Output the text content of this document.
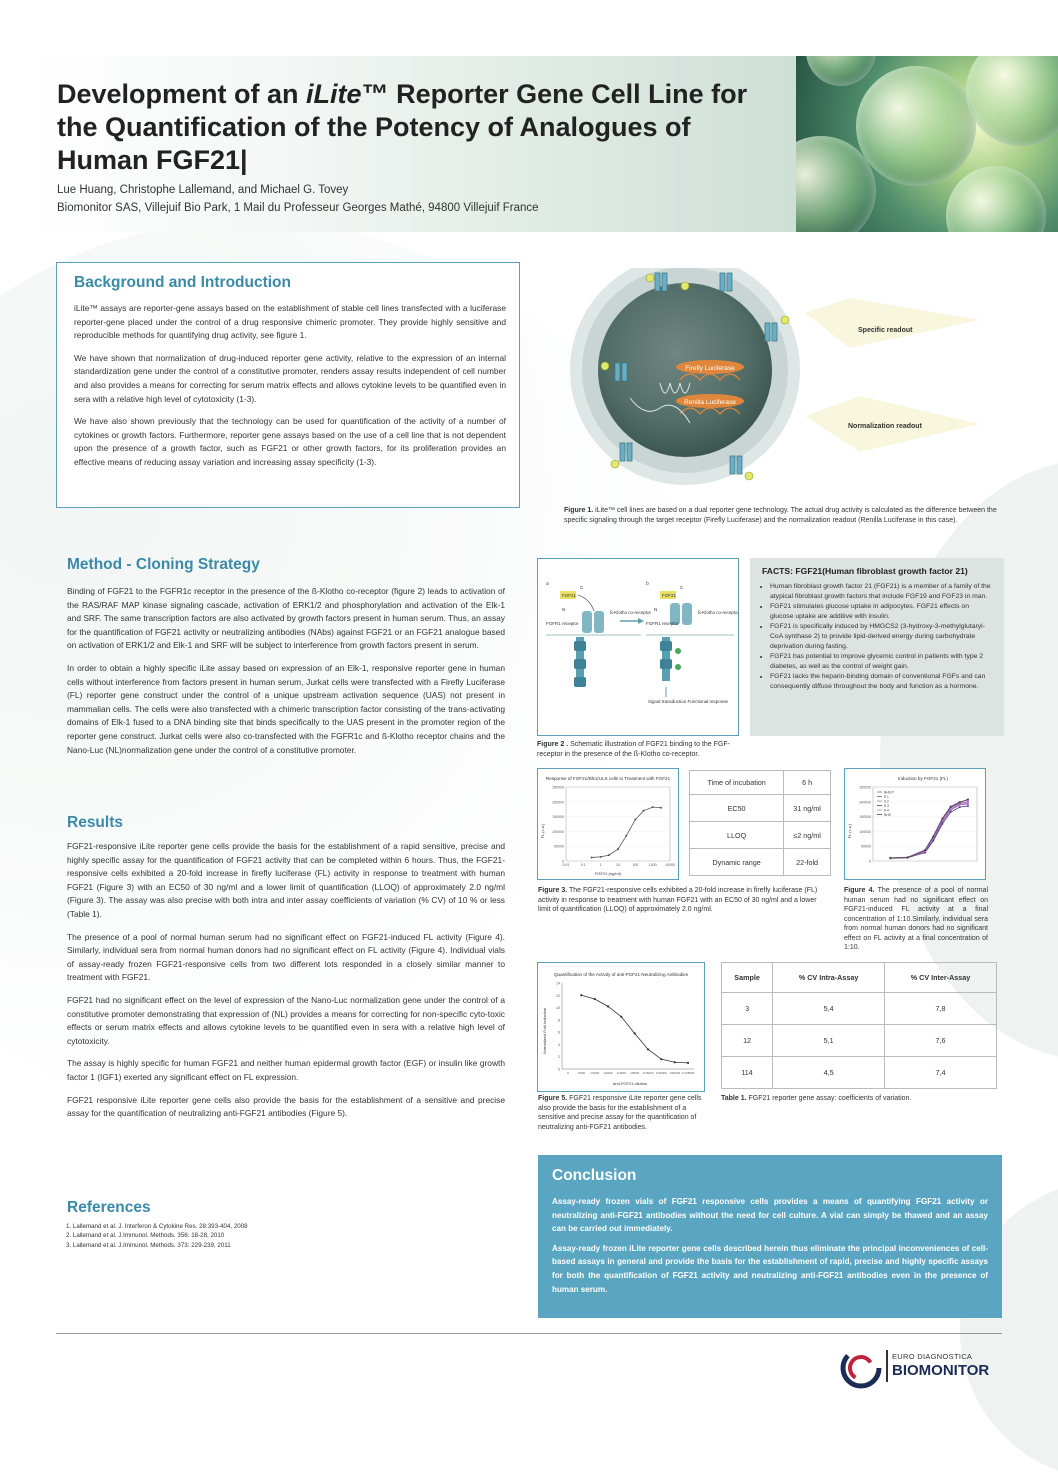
Development of an iLite™ Reporter Gene Cell Line for the Quantification of the Potency of Analogues of Human FGF21|
Lue Huang, Christophe Lallemand, and Michael G. Tovey
Biomonitor SAS, Villejuif Bio Park, 1 Mail du Professeur Georges Mathé, 94800 Villejuif France
Background and Introduction

iLite™ assays are reporter-gene assays based on the establishment of stable cell lines transfected with a luciferase reporter-gene placed under the control of a drug responsive chimeric promoter. They provide highly sensitive and reproducible methods for quantifying drug activity, see figure 1.

We have shown that normalization of drug-induced reporter gene activity, relative to the expression of an internal standardization gene under the control of a constitutive promoter, renders assay results independent of cell number and also provides a means for correcting for serum matrix effects and allows cytokine levels to be quantified even in sera with a relative high level of cytotoxicity (1-3).

We have also shown previously that the technology can be used for quantification of the activity of a number of cytokines or growth factors. Furthermore, reporter gene assays based on the use of a cell line that is not dependent upon the presence of a growth factor, such as FGF21 or other growth factors, for its proliferation provides an effective means of reducing assay variation and increasing assay specificity (1-3).

Firefly Luciferase
Renilla Luciferase
Specific readout
Normalization readout
Figure 1. iLite™ cell lines are based on a dual reporter gene technology. The actual drug activity is calculated as the difference between the specific signaling through the target receptor (Firefly Luciferase) and the normalization readout (Renilla Luciferase in this case).
Method - Cloning Strategy

Binding of FGF21 to the FGFR1c receptor in the presence of the ß-Klotho co-receptor (figure 2) leads to activation of the RAS/RAF MAP kinase signaling cascade, activation of ERK1/2 and phosphorylation and activation of the Elk-1 and SRF. The same transcription factors are also activated by growth factors present in human serum. Thus, an assay for the quantification of FGF21 activity or neutralizing antibodies (NAbs) against FGF21 or an FGF21 analogue based on activation of ERK1/2 and Elk-1 and SRF will be subject to interference from growth factors present in serum.

In order to obtain a highly specific iLite assay based on expression of an Elk-1, responsive reporter gene in human cells without interference from factors present in human serum, Jurkat cells were transfected with a Firefly Luciferase (FL) reporter gene construct under the control of a unique upstream activation sequence (UAS) not present in mammalian cells. The cells were also transfected with a chimeric transcription factor consisting of the trans-activating domains of Elk-1 fused to a DNA binding site that binds specifically to the UAS present in the promoter region of the reporter gene construct. Jurkat cells were also co-transfected with the FGFR1c and ß-Klotho receptor chains and the Nano-Luc (NL)normalization gene under the control of a constitutive promoter.

a	b
FGF21
C
N
ß-Klotho co-receptor
FGFR1 receptor
FGF21
C
N
ß-Klotho co-receptor
FGFR1 receptor
Signal transduction Functional response
Figure 2 . Schematic illustration of FGF21 binding to the FGF-receptor in the presence of the ß-Klotho co-receptor.
FACTS: FGF21(Human fibroblast growth factor 21)
• Human fibroblast growth factor 21 (FGF21) is a member of a family of the atypical fibroblast growth factors that include FGF19 and FGF23 in man.
• FGF21 stimulates glucose uptake in adipocytes. FGF21 effects on glucose uptake are additive with insulin.
• FGF21 is specifically induced by HMGCS2 (3-hydroxy-3-methylglutaryl-CoA synthase 2) to provide lipid-derived energy during carbohydrate deprivation during fasting.
• FGF21 has potential to improve glycemic control in patients with type 2 diabetes, as well as the control of weight gain.
• FGF21 lacks the heparin-binding domain of conventional FGFs and can consequently diffuse throughout the body and function as a hormone.
Results

FGF21-responsive iLite reporter gene cells provide the basis for the establishment of a rapid sensitive, precise and highly specific assay for the quantification of FGF21 activity that can be completed within 6 hours. Thus, the FGF21-responsive cells exhibited a 20-fold increase in firefly luciferase (FL) activity in response to treatment with human FGF21 (Figure 3) with an EC50 of 30 ng/ml and a lower limit of quantification (LLOQ) of approximately 2.0 ng/ml (Figure 3). The assay was also precise with both intra and inter assay coefficients of variation (% CV) of 10 % or less (Table 1).

The presence of a pool of normal human serum had no significant effect on FGF21-induced FL activity (Figure 4). Similarly, individual sera from normal human donors had no significant effect on FL activity (Figure 4). Individual vials of assay-ready frozen FGF21-responsive cells from two different lots responded in a closely similar manner to treatment with FGF21.

FGF21 had no significant effect on the level of expression of the Nano-Luc normalization gene under the control of a constitutive promoter demonstrating that expression of (NL) provides a means for correcting for non-specific cyto-toxic effects or serum matrix effects and allows cytokine levels to be quantified even in sera with a relative high level of cytotoxicity.

The assay is highly specific for human FGF21 and neither human epidermal growth factor (EGF) or insulin like growth factor 1 (IGF1) exerted any significant effect on FL expression.

FGF21 responsive iLite reporter gene cells also provide the basis for the establishment of a sensitive and precise assay for the quantification of neutralizing anti-FGF21 antibodies (Figure 5).

Response of FGF21/Elk1/ULS cells to Treatment with FGF21
FGF21 (ng/ml)
FL (c.u.)
0
50000
100000
150000
200000
250000
0.01	0.1	1	10	100	1000 10000
Time of incubation	6 h
EC50	31 ng/ml
LLOQ	≤2 ng/ml
Dynamic range	22-fold
Figure 3. The FGF21-responsive cells exhibited a 20-fold increase in firefly luciferase (FL) activity in response to treatment with human FGF21 with an EC50 of 30 ng/ml and a lower limit of quantification (LLOQ) of approximately 2.0 ng/ml.
Induction by FGF21 (FL)
FL (c.u.)
0
50000
100000
150000
200000
250000
NHS P
S 1
S 2
S 3
S 4
NHS
Figure 4. The presence of a pool of normal human serum had no significant effect on FGF21-induced FL activity at a final concentration of 1:10.Similarly, individual sera from normal human donors had no significant effect on FL activity at a final concentration of 1:10.
Quantification of the Activity of anti-FGF21 Neutralizing Antibodies
Anti-FGF21 dilution
Normalized Fold Induction
0
2
4
6
8
10
12
14
0	1/500 1/1000 1/2000 1/4000 1/8000 1/16000 1/32000 1/64000 1/128000
Figure 5. FGF21 responsive iLite reporter gene cells also provide the basis for the establishment of a sensitive and precise assay for the quantification of neutralizing anti-FGF21 antibodies.
Sample	% CV Intra-Assay	% CV Inter-Assay
3	5,4	7,8
12	5,1	7,6
114	4,5	7,4
Table 1. FGF21 reporter gene assay: coefficients of variation.
Conclusion

Assay-ready frozen vials of FGF21 responsive cells provides a means of quantifying FGF21 activity or neutralizing anti-FGF21 antibodies without the need for cell culture. A vial can simply be thawed and an assay can be carried out immediately.

Assay-ready frozen iLite reporter gene cells described herein thus eliminate the principal inconveniences of cell-based assays in general and provide the basis for the establishment of rapid, precise and highly specific assays for both the quantification of FGF21 activity and neutralizing anti-FGF21 antibodies even in the presence of human serum.

References
1. Lallemand et al. J. Interferon & Cytokine Res. 28:393-404, 2008
2. Lallemand et al. J.Immunol. Methods. 356: 18-28, 2010
3. Lallemand et al. J.Immunol. Methods. 373: 229-239, 2011
EURO DIAGNOSTICA
BIOMONITOR
